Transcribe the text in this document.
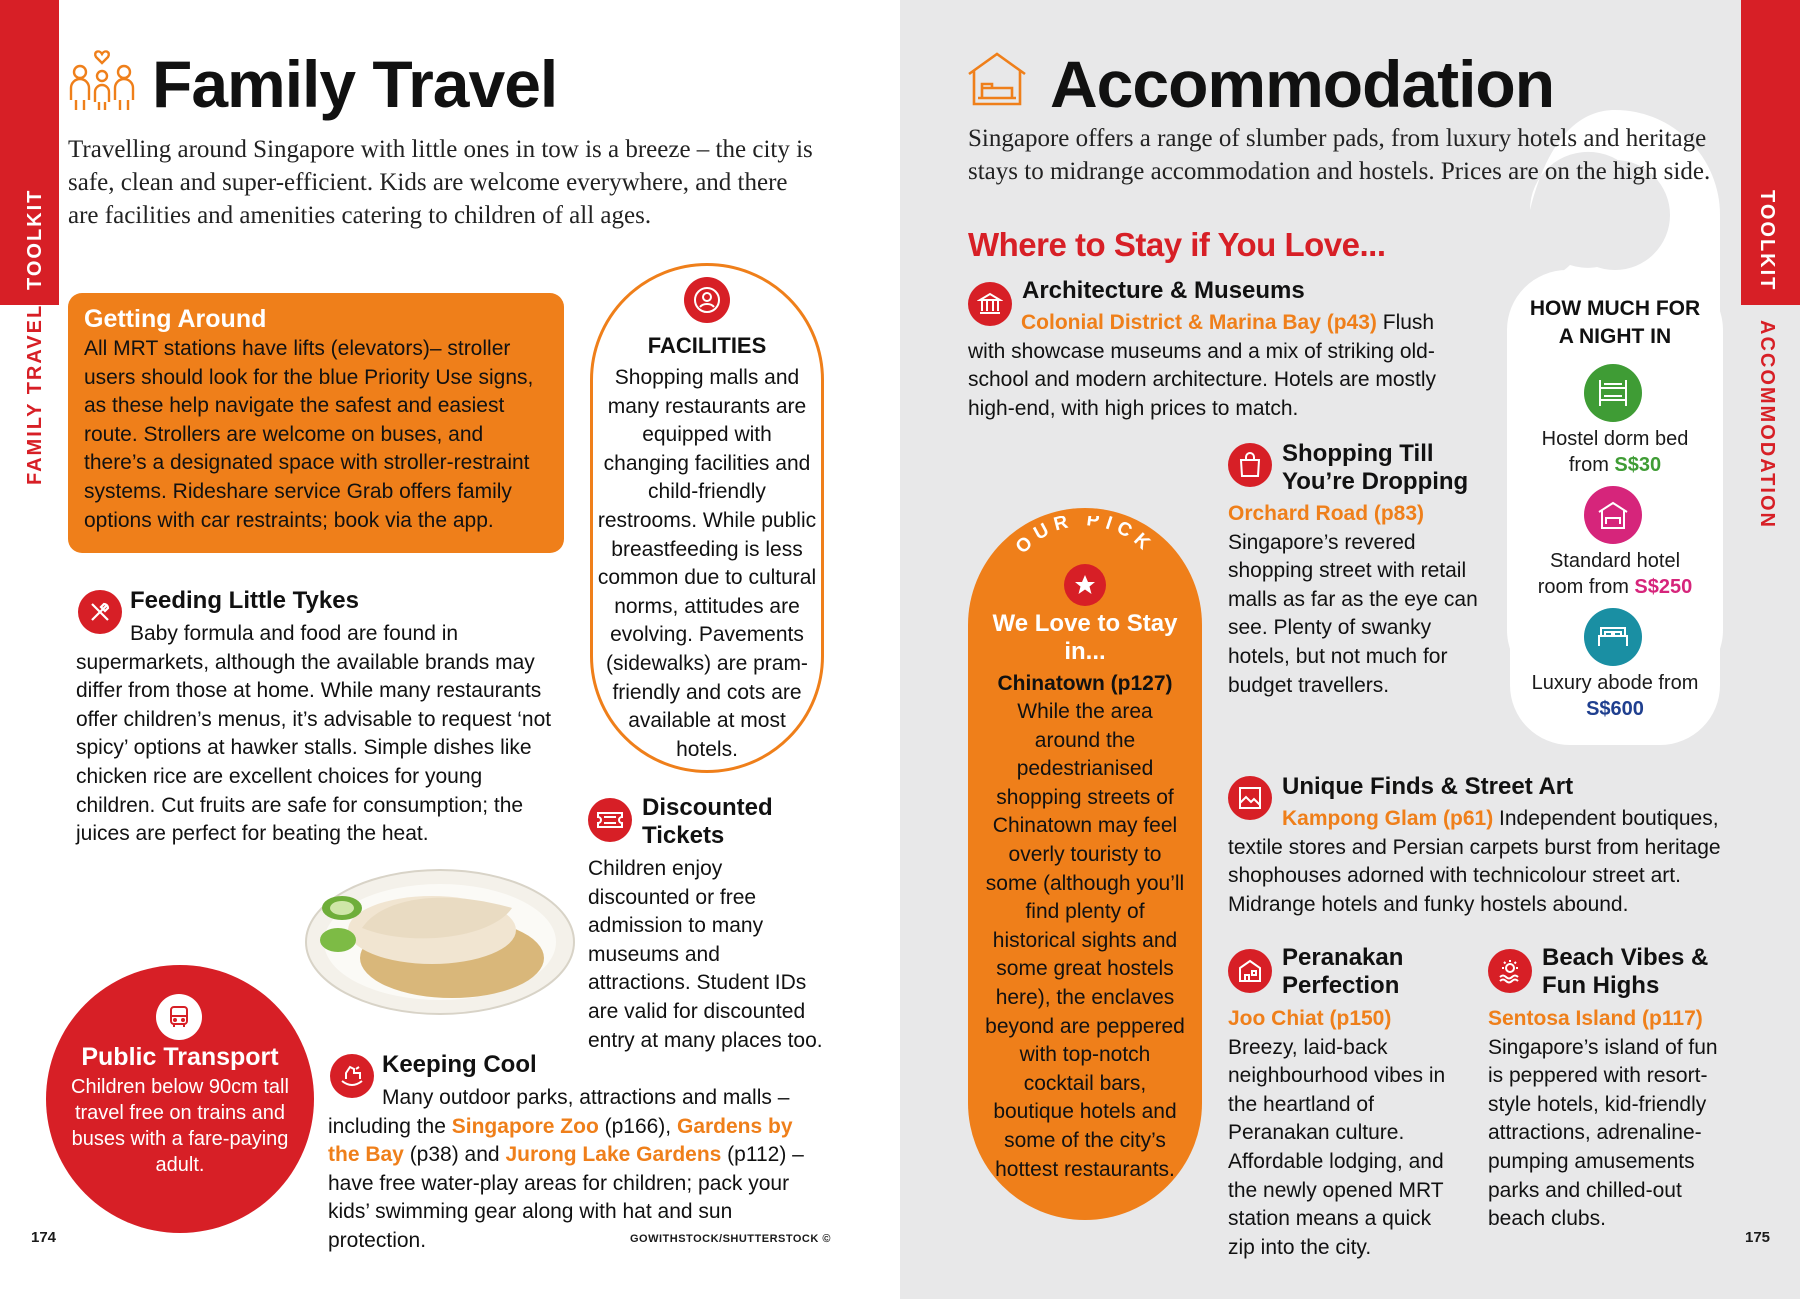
TOOLKIT
FAMILY TRAVEL
Family Travel
Travelling around Singapore with little ones in tow is a breeze – the city is safe, clean and super-efficient. Kids are welcome everywhere, and there are facilities and amenities catering to children of all ages.
Getting Around
All MRT stations have lifts (elevators)– stroller users should look for the blue Priority Use signs, as these help navigate the safest and easiest route. Strollers are welcome on buses, and there’s a designated space with stroller-restraint systems. Rideshare service Grab offers family options with car restraints; book via the app.
FACILITIES
Shopping malls and many restaurants are equipped with changing facilities and child-friendly restrooms. While public breastfeeding is less common due to cultural norms, attitudes are evolving. Pavements (sidewalks) are pram-friendly and cots are available at most hotels.
Feeding Little Tykes
Baby formula and food are found in supermarkets, although the available brands may differ from those at home. While many restaurants offer children’s menus, it’s advisable to request ‘not spicy’ options at hawker stalls. Simple dishes like chicken rice are excellent choices for young children. Cut fruits are safe for consumption; the juices are perfect for beating the heat.
Discounted Tickets
Children enjoy discounted or free admission to many museums and attractions. Student IDs are valid for discounted entry at many places too.
Public Transport
Children below 90cm tall travel free on trains and buses with a fare-paying adult.
Keeping Cool
Many outdoor parks, attractions and malls – including the Singapore Zoo (p166), Gardens by the Bay (p38) and Jurong Lake Gardens (p112) – have free water-play areas for children; pack your kids’ swimming gear along with hat and sun protection.
174	GOWITHSTOCK/SHUTTERSTOCK ©
TOOLKIT
ACCOMMODATION
Accommodation
Singapore offers a range of slumber pads, from luxury hotels and heritage stays to midrange accommodation and hostels. Prices are on the high side.
Where to Stay if You Love...
Architecture & Museums
Colonial District & Marina Bay (p43) Flush with showcase museums and a mix of striking old-school and modern architecture. Hotels are mostly high-end, with high prices to match.
Shopping Till
You’re Dropping
Orchard Road (p83) Singapore’s revered shopping street with retail malls as far as the eye can see. Plenty of swanky hotels, but not much for budget travellers.
OUR PICK
We Love to Stay in...
Chinatown (p127)
While the area around the pedestrianised shopping streets of Chinatown may feel overly touristy to some (although you’ll find plenty of historical sights and some great hostels here), the enclaves beyond are peppered with top-notch cocktail bars, boutique hotels and some of the city’s hottest restaurants.
HOW MUCH FOR A NIGHT IN
Hostel dorm bed from S$30
Standard hotel room from S$250
Luxury abode from S$600
Unique Finds & Street Art
Kampong Glam (p61) Independent boutiques, textile stores and Persian carpets burst from heritage shophouses adorned with technicolour street art. Midrange hotels and funky hostels abound.
Peranakan
Perfection
Joo Chiat (p150) Breezy, laid-back neighbourhood vibes in the heartland of Peranakan culture. Affordable lodging, and the newly opened MRT station means a quick zip into the city.
Beach Vibes &
Fun Highs
Sentosa Island (p117) Singapore’s island of fun is peppered with resort-style hotels, kid-friendly attractions, adrenaline-pumping amusements parks and chilled-out beach clubs.
175
